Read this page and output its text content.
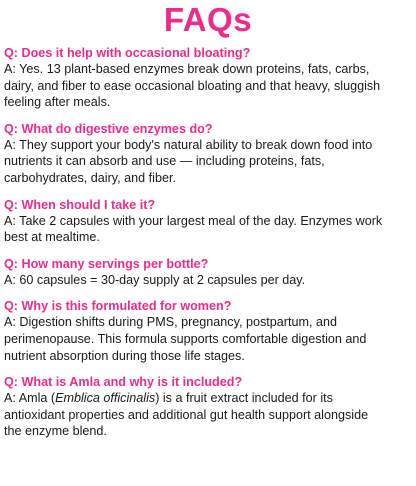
FAQs
Q: Does it help with occasional bloating?
A: Yes. 13 plant-based enzymes break down proteins, fats, carbs,
dairy, and fiber to ease occasional bloating and that heavy, sluggish
feeling after meals.
Q: What do digestive enzymes do?
A: They support your body's natural ability to break down food into
nutrients it can absorb and use — including proteins, fats,
carbohydrates, dairy, and fiber.
Q: When should I take it?
A: Take 2 capsules with your largest meal of the day. Enzymes work
best at mealtime.
Q: How many servings per bottle?
A: 60 capsules = 30-day supply at 2 capsules per day.
Q: Why is this formulated for women?
A: Digestion shifts during PMS, pregnancy, postpartum, and
perimenopause. This formula supports comfortable digestion and
nutrient absorption during those life stages.
Q: What is Amla and why is it included?
A: Amla (Emblica officinalis) is a fruit extract included for its
antioxidant properties and additional gut health support alongside
the enzyme blend.
